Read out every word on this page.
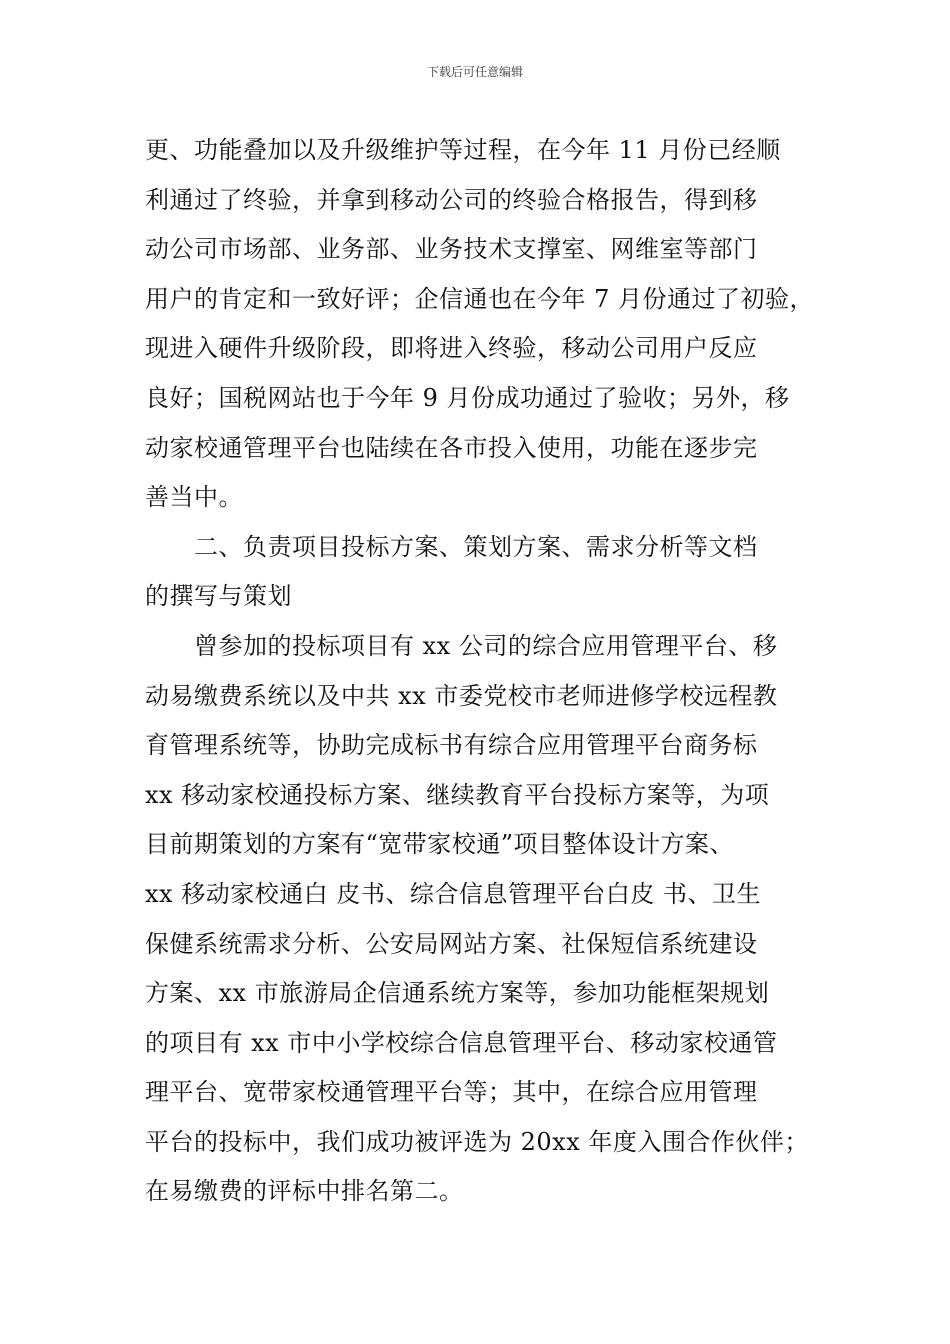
下载后可任意编辑
更、功能叠加以及升级维护等过程，在今年 11 月份已经顺
利通过了终验，并拿到移动公司的终验合格报告，得到移
动公司市场部、业务部、业务技术支撑室、网维室等部门
用户的肯定和一致好评；企信通也在今年 7 月份通过了初验，
现进入硬件升级阶段，即将进入终验，移动公司用户反应
良好；国税网站也于今年 9 月份成功通过了验收；另外，移
动家校通管理平台也陆续在各市投入使用，功能在逐步完
善当中。
　　二、负责项目投标方案、策划方案、需求分析等文档
的撰写与策划
　　曾参加的投标项目有 xx 公司的综合应用管理平台、移
动易缴费系统以及中共 xx 市委党校市老师进修学校远程教
育管理系统等，协助完成标书有综合应用管理平台商务标
xx 移动家校通投标方案、继续教育平台投标方案等，为项
目前期策划的方案有“宽带家校通”项目整体设计方案、
xx 移动家校通白 皮书、综合信息管理平台白皮 书、卫生
保健系统需求分析、公安局网站方案、社保短信系统建设
方案、xx 市旅游局企信通系统方案等，参加功能框架规划
的项目有 xx 市中小学校综合信息管理平台、移动家校通管
理平台、宽带家校通管理平台等；其中，在综合应用管理
平台的投标中，我们成功被评选为 20xx 年度入围合作伙伴；
在易缴费的评标中排名第二。
